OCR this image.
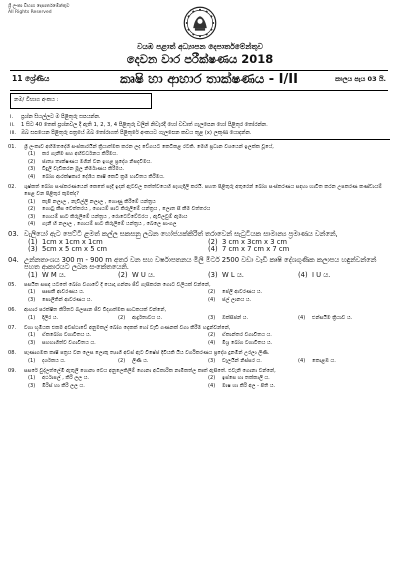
ශ්‍රී ලංකා විභාග දෙපාර්තමේන්තුව
All Rights Reserved
වයඹ පළාත් අධ්‍යාපන දෙපාර්තමේන්තුව
දෙවන වාර පරීක්ෂණය 2018
11 ශ්‍රේණිය	කෘෂි හා ආහාර තාක්ෂණය - I/II	කාලය පැය 03 යි.
නම/ විභාග අංකය :
i.	ප්‍රශ්න සියල්ලට ම පිළිතුරු සපයන්න.
ii.	1 සිට 40 තෙක් ප්‍රශ්නවල දී ඇති 1, 2, 3, 4 පිළිතුරු වලින් නිවැරදි හෝ වඩාත් ගැලපෙන හෝ පිළිතුර තෝරන්න.
iii. ඔබ සපයෙන පිළිතුරු පත්‍රයේ ඔබ තෝරාගත් පිළිතුරේ අංකයට ගැලපෙන කවය තුළ (x) ලකුණ යොදන්න.
01.	ශ්‍රී ලංකාව අභිමතදේශී සංස්කාරයින් ක්‍රියාත්මක කරන ලද වේගයට කෙටිකළ රටකි. මෙහි ප්‍රධාන වශයෙන් ඉලක්ක වූයේ,
(1)	කර ගැනීම සහ අභිවර්ධනය කිරීමය.
(2)	ජාත්‍ය තාක්ෂණය මගින් වන ඉහළ ප්‍රදේශ නිපදවීමය.
(3)	විදුලි වැඩිකරන මූල නිර්මාණය කිරීමය.
(4)	බෝග ආරක්ෂකාර දේශීය කෘෂි කෙටි ක්‍රම භාවිතය කිරීමය.
02.	ශුෂ්කත් බෝග සංස්කරණයෙන් කෙතේ සෑදී ඉදන් ඇටවල තත්ත්වයෙහි පැහැදිලි කරයි. පහත පිළිතුරු අතුරෙන් බෝග සංස්කරණය සඳහා භාවිත කරන උපකරණ කණ්ඩායම් පෙළ වන පිළිතුර කුමක්ද?
(1)	කැපී නලාල , නැවිල්ලි නලාල , ගොණු කිරීමේ යන්ත්‍රය
(2)	ගොටු කීස වෙත්තරය , ගොයම් පාට කිරුලීමේ යන්ත්‍රය , ලොත සී කීම වත්තරය
(3)	ගොයම් පාට කිරුලීමේ යන්ත්‍රය , රොටෙට්වේටරය , ඇවිලවුම් ඇමාය
(4)	ගැනී හි නලාල , ගොයම් පාට කිරුලීමේ යන්ත්‍රය , බෙලෙ පාංගල
03. වැලියෝ ඇට පෙට්ටි ළමත් කල්ල සකසනු ලබන හෝජයක්කිරිත් තරාවෙන් සැටුටීයක සාමාන්‍ය ප්‍රමාණය වන්නේ,
(1) 1cm x 1cm x 1cm	(2) 3 cm x 3cm x 3 cm
(3) 5cm x 5 cm x 5 cm	(4) 7 cm x 7 cm x 7 cm
04. උන්නතාංශය 300 m - 900 m අතර වන සහ වර්ෂාපතනය මිලි මීටර් 2500 වඩා වැඩි කෘෂි දේශගුණික කලාපය හඳුන්වන්නේ පහත ආකාරයට ලබන සංකේතයෙනි.
(1) W M ය.	(2) W U ය.	(3) W L ය.	(4) I U ය.
05.	පසයිත සසඳ යටතේ බෝග වගාවේ දී යොදා ගන්නා ජීව් ගැසිකරන ගොට වලියක් වන්නේ,
(1)	සෘසකී ආවරණය ය.	(2)	පේලි ආවරණය ය.
(3)	පොලිතින් ආවරණය ය.	(4)	ජල් ලානය ය.
06.	ආහාර පරක්ෂිත කිරිතට බලපාන ජීව විද්‍යාත්මක සාධකයක් වන්නේ,
(1)	දිලීර ය.	(2)	ආර්ද්‍රතාවය ය.	(3)	ඔක්සිජන් ය.	(4)	එන්සයිම ක්‍රියාව ය.
07.	වගා භූමියක එකම අවස්ථාවේ අනුමකල් බෝග දෙකක් හෝ වැඩි ගණනක් වගා කිරීම හඳුන්වන්නේ,
(1)	ඒකබෝග වගාවිතය ය.	(2)	ඒකාන්තර වගාවිතය ය.
(3)	සහභාගීත්ව වගාවිතය ය.	(4)	මිශ්‍ර බෝග වගාවිතය ය.
08.	පැණාගමක කෘෂි පත්‍රය වන ලෙස ලොකු ත්‍යාගී අවස් ඇට විෂේජ දිවියකි යිය වර්ගිකරණය ප්‍රදේශ දුනමින් උරලා ලිණි.
(1)	දර්ශකය ය.	(2)	ලිණි ය.	(3)	වැලයින් නිස්සර ය.	(4)	කොළඹ ය.
09.	සසරේ වුද්ලත්ලේමි ඇතුලි ගොනා වෙය අනුලෙකිලිම් ගොනා අධිකාරික නාමිකත්ල කෘත් ඇසිතේ. එවැනි ගොනා වන්නේ,
(1)	අර්ථාපල් , කිරි ලල ය.	(2)	ඉස්සෙ හා තක්කාලි ය.
(3)	මිරිස් හා කිරි ලල ය.	(4)	මාෂ හා කිරි අල - පිති ය.
